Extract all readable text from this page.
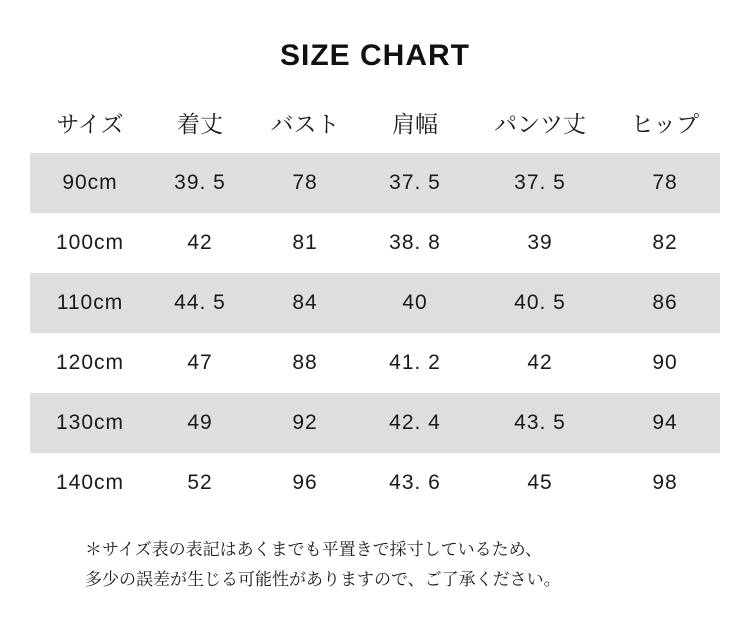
SIZE CHART
サイズ	着丈	バスト	肩幅	パンツ丈	ヒップ
90cm	39. 5	78	37. 5	37. 5	78
100cm	42	81	38. 8	39	82
110cm	44. 5	84	40	40. 5	86
120cm	47	88	41. 2	42	90
130cm	49	92	42. 4	43. 5	94
140cm	52	96	43. 6	45	98
＊サイズ表の表記はあくまでも平置きで採寸しているため、
多少の誤差が生じる可能性がありますので、ご了承ください。
